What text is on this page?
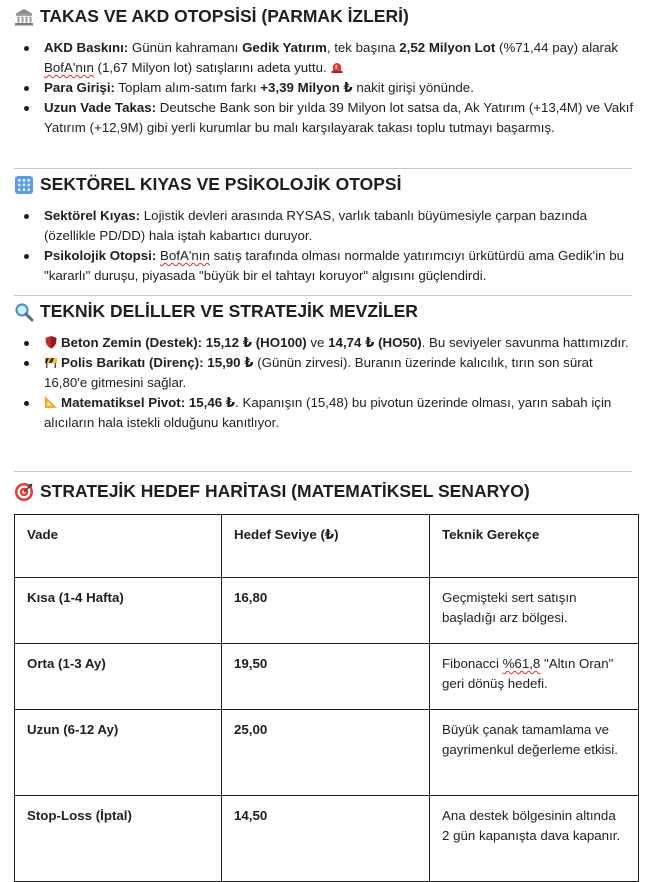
TAKAS VE AKD OTOPSİSİ (PARMAK İZLERİ)
AKD Baskını: Günün kahramanı Gedik Yatırım, tek başına 2,52 Milyon Lot (%71,44 pay) alarak BofA'nın (1,67 Milyon lot) satışlarını adeta yuttu.
Para Girişi: Toplam alım-satım farkı +3,39 Milyon ₺ nakit girişi yönünde.
Uzun Vade Takas: Deutsche Bank son bir yılda 39 Milyon lot satsa da, Ak Yatırım (+13,4M) ve Vakıf Yatırım (+12,9M) gibi yerli kurumlar bu malı karşılayarak takası toplu tutmayı başarmış.
SEKTÖREL KIYAS VE PSİKOLOJİK OTOPSİ
Sektörel Kıyas: Lojistik devleri arasında RYSAS, varlık tabanlı büyümesiyle çarpan bazında (özellikle PD/DD) hala iştah kabartıcı duruyor.
Psikolojik Otopsi: BofA'nın satış tarafında olması normalde yatırımcıyı ürkütürdü ama Gedik'in bu "kararlı" duruşu, piyasada "büyük bir el tahtayı koruyor" algısını güçlendirdi.
TEKNİK DELİLLER VE STRATEJİK MEVZİLER
Beton Zemin (Destek): 15,12 ₺ (HO100) ve 14,74 ₺ (HO50). Bu seviyeler savunma hattımızdır.
Polis Barikatı (Direnç): 15,90 ₺ (Günün zirvesi). Buranın üzerinde kalıcılık, tırın son sürat 16,80'e gitmesini sağlar.
Matematiksel Pivot: 15,46 ₺. Kapanışın (15,48) bu pivotun üzerinde olması, yarın sabah için alıcıların hala istekli olduğunu kanıtlıyor.
STRATEJİK HEDEF HARİTASI (MATEMATİKSEL SENARYO)
Vade	Hedef Seviye (₺)	Teknik Gerekçe
Kısa (1-4 Hafta)	16,80	Geçmişteki sert satışın başladığı arz bölgesi.
Orta (1-3 Ay)	19,50	Fibonacci %61,8 "Altın Oran" geri dönüş hedefi.
Uzun (6-12 Ay)	25,00	Büyük çanak tamamlama ve gayrimenkul değerleme etkisi.
Stop-Loss (İptal)	14,50	Ana destek bölgesinin altında 2 gün kapanışta dava kapanır.
